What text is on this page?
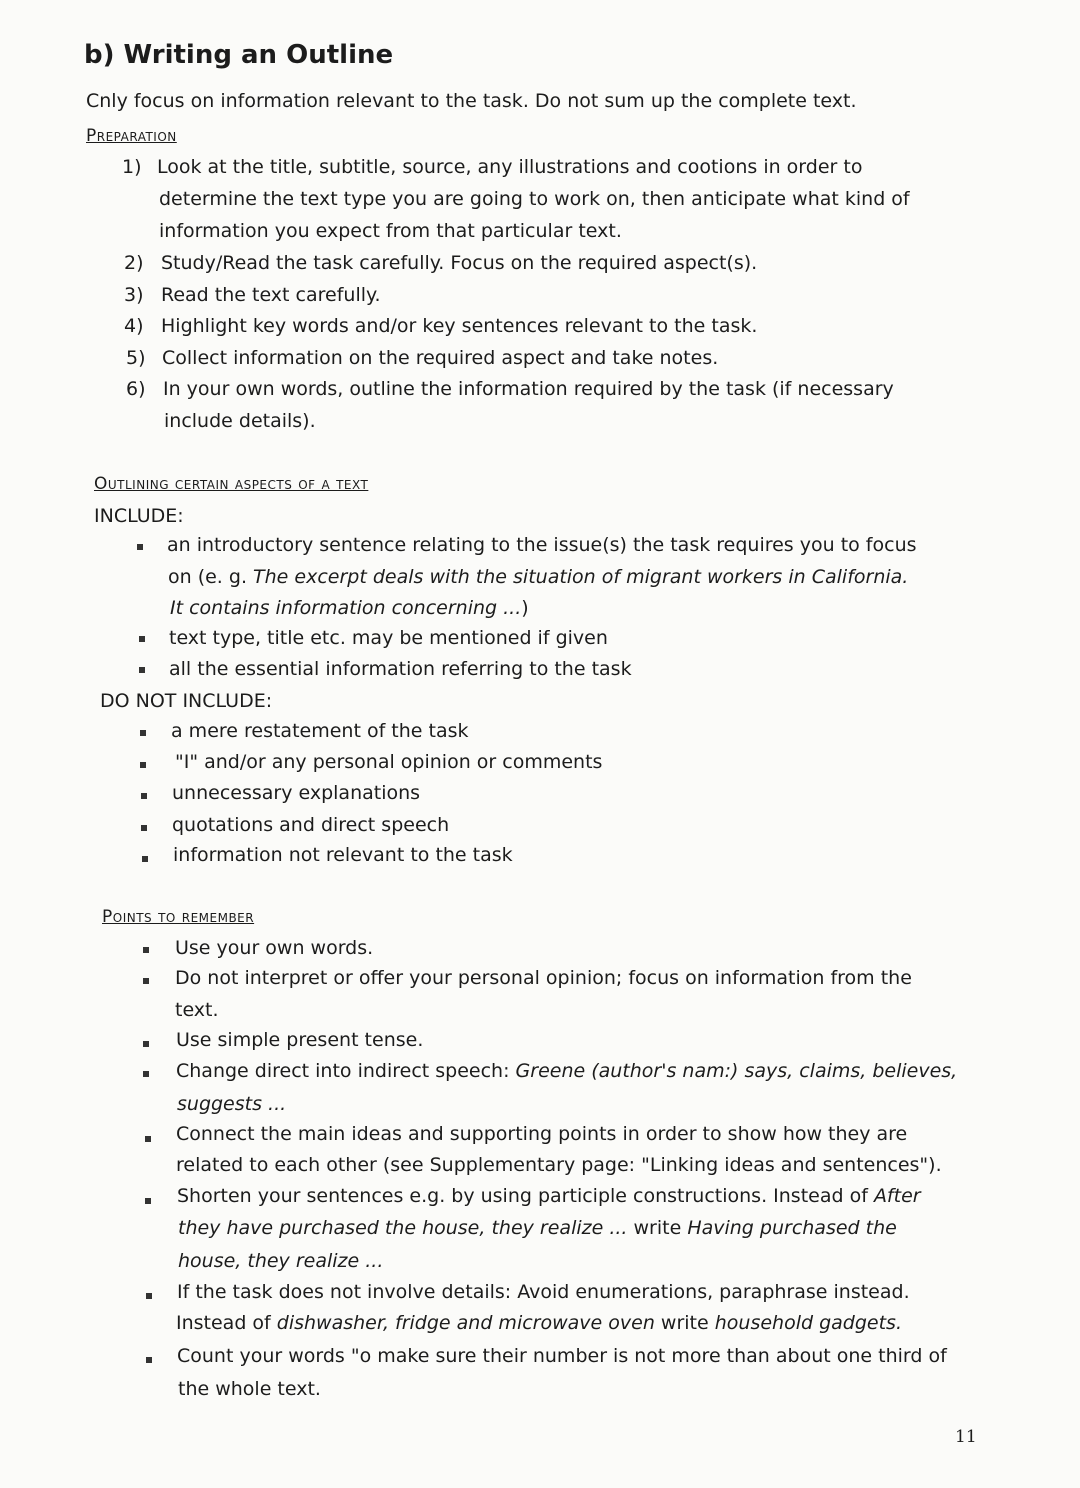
b) Writing an Outline
Cnly focus on information relevant to the task. Do not sum up the complete text.
Preparation
1) Look at the title, subtitle, source, any illustrations and cootions in order to
determine the text type you are going to work on, then anticipate what kind of
information you expect from that particular text.
2) Study/Read the task carefully. Focus on the required aspect(s).
3) Read the text carefully.
4) Highlight key words and/or key sentences relevant to the task.
5) Collect information on the required aspect and take notes.
6) In your own words, outline the information required by the task (if necessary
include details).
Outlining certain aspects of a text
INCLUDE:
an introductory sentence relating to the issue(s) the task requires you to focus
on (e. g. The excerpt deals with the situation of migrant workers in California.
It contains information concerning ...)
text type, title etc. may be mentioned if given
all the essential information referring to the task
DO NOT INCLUDE:
a mere restatement of the task
"I" and/or any personal opinion or comments
unnecessary explanations
quotations and direct speech
information not relevant to the task
Points to remember
Use your own words.
Do not interpret or offer your personal opinion; focus on information from the
text.
Use simple present tense.
Change direct into indirect speech: Greene (author's nam:) says, claims, believes,
suggests ...
Connect the main ideas and supporting points in order to show how they are
related to each other (see Supplementary page: "Linking ideas and sentences").
Shorten your sentences e.g. by using participle constructions. Instead of After
they have purchased the house, they realize ... write Having purchased the
house, they realize ...
If the task does not involve details: Avoid enumerations, paraphrase instead.
Instead of dishwasher, fridge and microwave oven write household gadgets.
Count your words "o make sure their number is not more than about one third of
the whole text.
11
